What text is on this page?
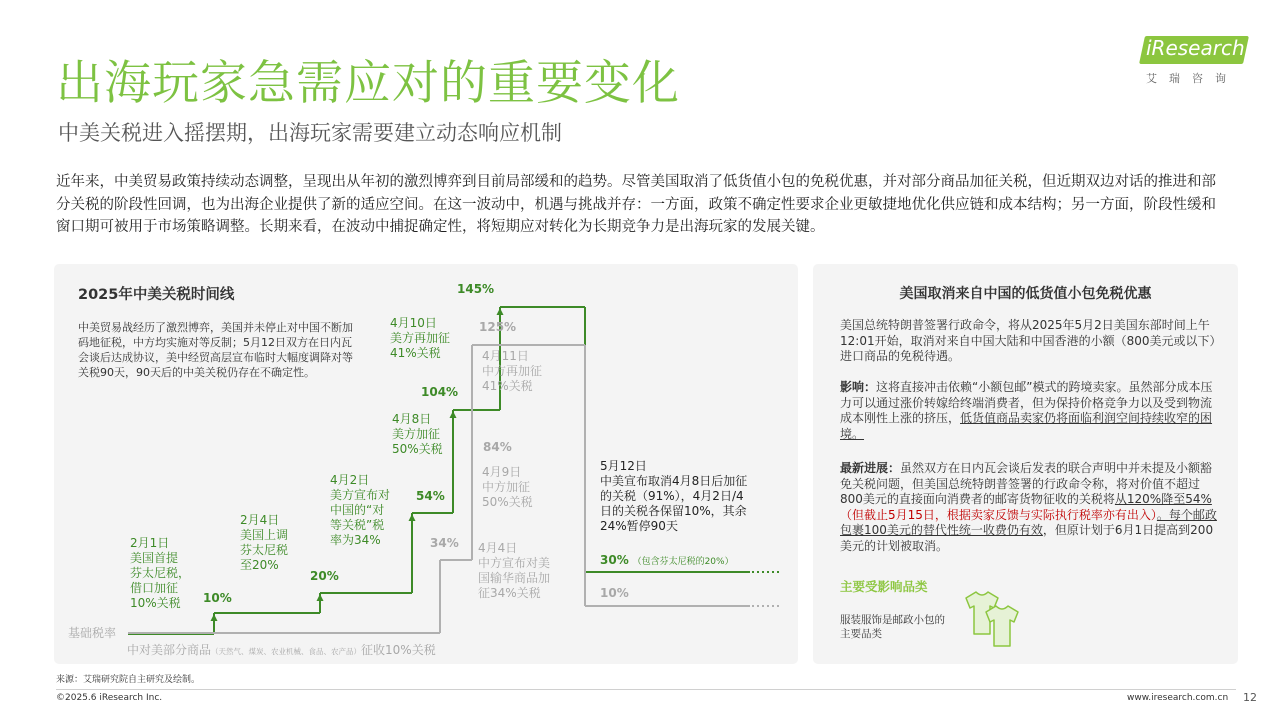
出海玩家急需应对的重要变化
中美关税进入摇摆期，出海玩家需要建立动态响应机制
iResearch
艾瑞咨询
近年来，中美贸易政策持续动态调整，呈现出从年初的激烈博弈到目前局部缓和的趋势。尽管美国取消了低货值小包的免税优惠，并对部分商品加征关税，但近期双边对话的推进和部分关税的阶段性回调，也为出海企业提供了新的适应空间。在这一波动中，机遇与挑战并存：一方面，政策不确定性要求企业更敏捷地优化供应链和成本结构；另一方面，阶段性缓和窗口期可被用于市场策略调整。长期来看，在波动中捕捉确定性，将短期应对转化为长期竞争力是出海玩家的发展关键。
2025年中美关税时间线
中美贸易战经历了激烈博弈，美国并未停止对中国不断加码地征税，中方均实施对等反制；5月12日双方在日内瓦会谈后达成协议，美中经贸高层宣布临时大幅度调降对等关税90天，90天后的中美关税仍存在不确定性。
基础税率
2月1日
美国首提
芬太尼税，
借口加征
10%关税	10%
2月4日
美国上调
芬太尼税
至20%
20%
4月2日
美方宣布对
中国的“对
等关税”税
率为34%
54%
4月8日
美方加征
50%关税
104%
4月10日
美方再加征
41%关税
145%
中对美部分商品（天然气、煤炭、农业机械、食品、农产品）征收10%关税
34% 4月4日
中方宣布对美
国输华商品加
征34%关税
84%
4月9日
中方加征
50%关税
125%
4月11日
中方再加征
41%关税
5月12日
中美宣布取消4月8日后加征
的关税（91%），4月2日/4
日的关税各保留10%，其余
24%暂停90天
30% （包含芬太尼税的20%）
10%
美国取消来自中国的低货值小包免税优惠
美国总统特朗普签署行政命令，将从2025年5月2日美国东部时间上午12:01开始，取消对来自中国大陆和中国香港的小额（800美元或以下）进口商品的免税待遇。
影响：这将直接冲击依赖“小额包邮”模式的跨境卖家。虽然部分成本压力可以通过涨价转嫁给终端消费者，但为保持价格竞争力以及受到物流成本刚性上涨的挤压，低货值商品卖家仍将面临利润空间持续收窄的困境。
最新进展：虽然双方在日内瓦会谈后发表的联合声明中并未提及小额豁免关税问题，但美国总统特朗普签署的行政命令称，将对价值不超过800美元的直接面向消费者的邮寄货物征收的关税将从120%降至54%（但截止5月15日，根据卖家反馈与实际执行税率亦有出入）。每个邮政包裹100美元的替代性统一收费仍有效，但原计划于6月1日提高到200美元的计划被取消。
主要受影响品类
服装服饰是邮政小包的主要品类
来源：艾瑞研究院自主研究及绘制。
©2025.6 iResearch Inc.	www.iresearch.com.cn 12
